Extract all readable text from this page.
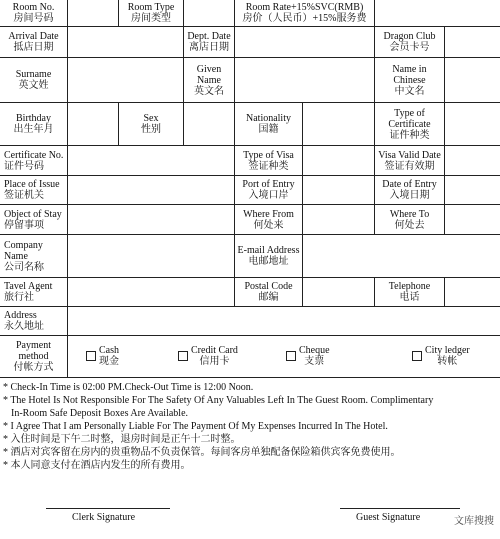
Room No.
房间号码
Room Type
房间类型
Room Rate+15%SVC(RMB)
房价（人民币）+15%服务费
Arrival Date
抵店日期
Dept. Date
离店日期
Dragon Club
会员卡号
Surname
英文姓
Given
Name
英文名
Name in
Chinese
中文名
Birthday
出生年月
Sex
性别
Nationality
国籍
Type of
Certificate
证件种类
Certificate No.
证件号码
Type of Visa
签证种类
Visa Valid Date
签证有效期
Place of Issue
签证机关
Port of Entry
入境口岸
Date of Entry
入境日期
Object of Stay
停留事项
Where From
何处来
Where To
何处去
Company
Name
公司名称
E-mail Address
电邮地址
Tavel Agent
旅行社
Postal Code
邮编
Telephone
电话
Address
永久地址
Payment
method
付帐方式
Cash
现金
Credit Card
信用卡
Cheque
支票
City ledger
转帐
* Check-In Time is 02:00 PM.Check-Out Time is 12:00 Noon.
* The Hotel Is Not Responsible For The Safety Of Any Valuables Left In The Guest Room. Complimentary
In-Room Safe Deposit Boxes Are Available.
* I Agree That I am Personally Liable For The Payment Of My Expenses Incurred In The Hotel.
* 入住时间是下午二时整，退房时间是正午十二时整。
* 酒店对宾客留在房内的贵重物品不负责保管。每间客房单独配备保险箱供宾客免费使用。
* 本人同意支付在酒店内发生的所有费用。
Clerk Signature	Guest Signature	文库搜搜
